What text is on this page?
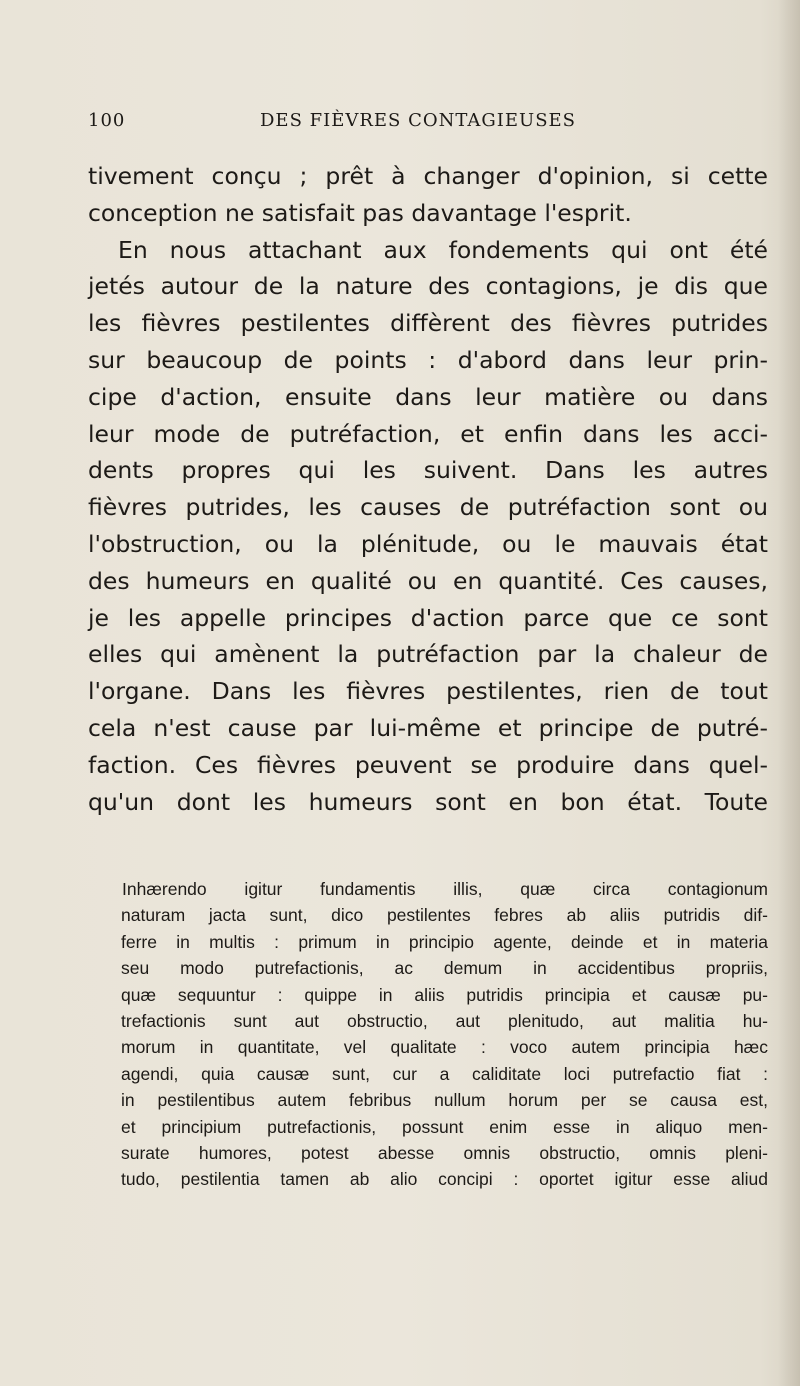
100	DES FIÈVRES CONTAGIEUSES
tivement conçu ; prêt à changer d'opinion, si cette
conception ne satisfait pas davantage l'esprit.
En nous attachant aux fondements qui ont été
jetés autour de la nature des contagions, je dis que
les fièvres pestilentes diffèrent des fièvres putrides
sur beaucoup de points : d'abord dans leur prin-
cipe d'action, ensuite dans leur matière ou dans
leur mode de putréfaction, et enfin dans les acci-
dents propres qui les suivent. Dans les autres
fièvres putrides, les causes de putréfaction sont ou
l'obstruction, ou la plénitude, ou le mauvais état
des humeurs en qualité ou en quantité. Ces causes,
je les appelle principes d'action parce que ce sont
elles qui amènent la putréfaction par la chaleur de
l'organe. Dans les fièvres pestilentes, rien de tout
cela n'est cause par lui-même et principe de putré-
faction. Ces fièvres peuvent se produire dans quel-
qu'un dont les humeurs sont en bon état. Toute
Inhærendo igitur fundamentis illis, quæ circa contagionum
naturam jacta sunt, dico pestilentes febres ab aliis putridis dif-
ferre in multis : primum in principio agente, deinde et in materia
seu modo putrefactionis, ac demum in accidentibus propriis,
quæ sequuntur : quippe in aliis putridis principia et causæ pu-
trefactionis sunt aut obstructio, aut plenitudo, aut malitia hu-
morum in quantitate, vel qualitate : voco autem principia hæc
agendi, quia causæ sunt, cur a caliditate loci putrefactio fiat :
in pestilentibus autem febribus nullum horum per se causa est,
et principium putrefactionis, possunt enim esse in aliquo men-
surate humores, potest abesse omnis obstructio, omnis pleni-
tudo, pestilentia tamen ab alio concipi : oportet igitur esse aliud
